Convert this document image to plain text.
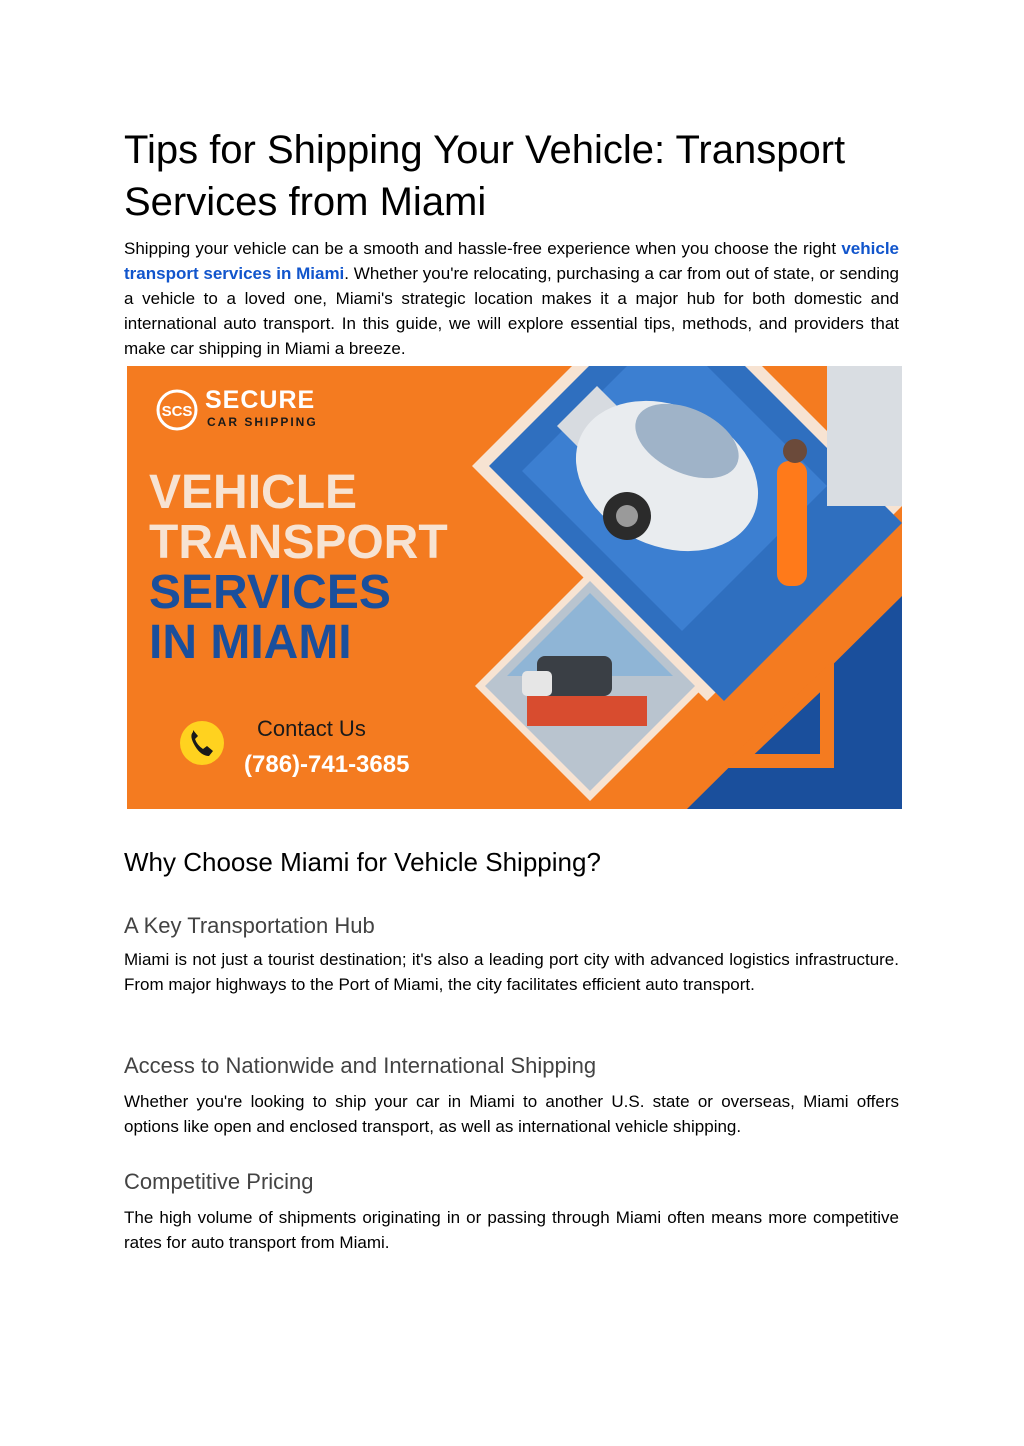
Tips for Shipping Your Vehicle: Transport Services from Miami

Shipping your vehicle can be a smooth and hassle-free experience when you choose the right vehicle transport services in Miami. Whether you're relocating, purchasing a car from out of state, or sending a vehicle to a loved one, Miami's strategic location makes it a major hub for both domestic and international auto transport. In this guide, we will explore essential tips, methods, and providers that make car shipping in Miami a breeze.

Why Choose Miami for Vehicle Shipping?
A Key Transportation Hub

Miami is not just a tourist destination; it's also a leading port city with advanced logistics infrastructure. From major highways to the Port of Miami, the city facilitates efficient auto transport.

Access to Nationwide and International Shipping

Whether you're looking to ship your car in Miami to another U.S. state or overseas, Miami offers options like open and enclosed transport, as well as international vehicle shipping.

Competitive Pricing

The high volume of shipments originating in or passing through Miami often means more competitive rates for auto transport from Miami.

SCS SECURE
CAR SHIPPING
VEHICLE
TRANSPORT
SERVICES
IN MIAMI
Contact Us
(786)-741-3685
